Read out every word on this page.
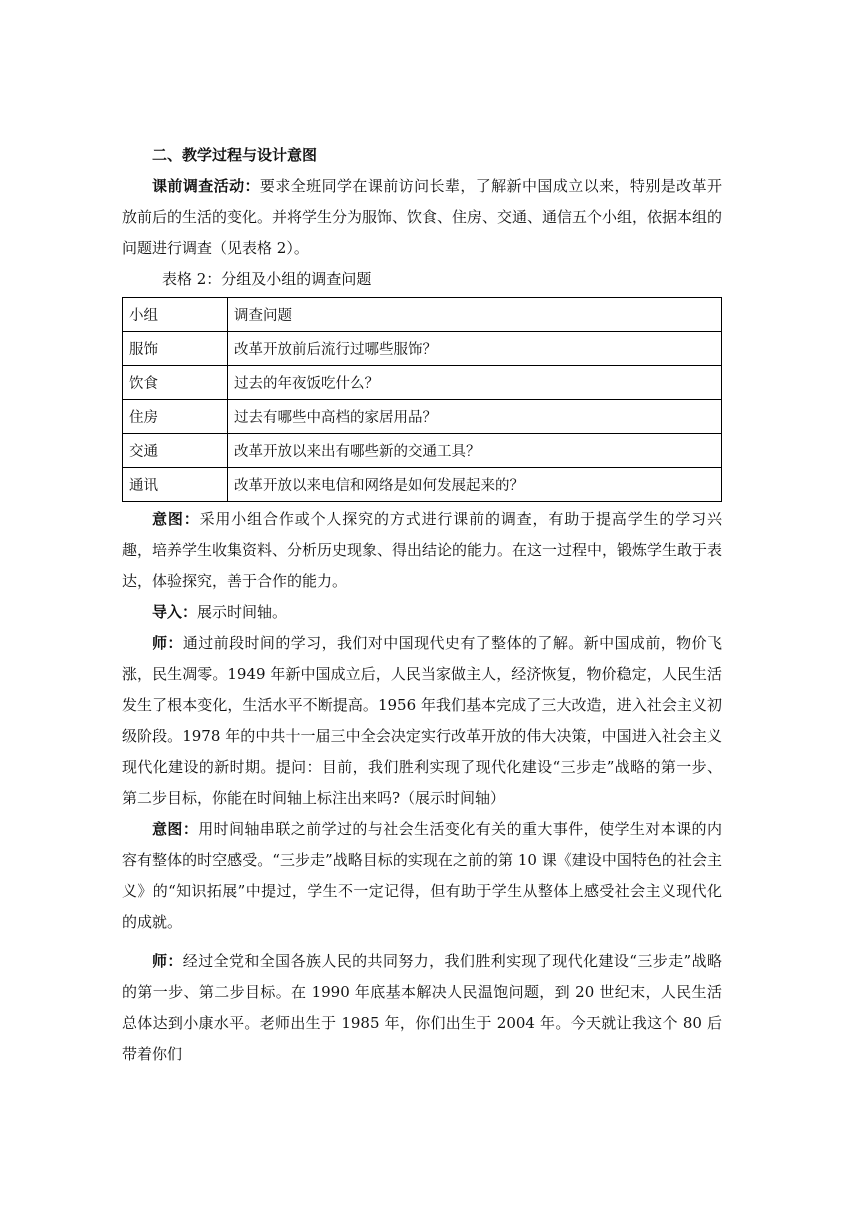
二、教学过程与设计意图

课前调查活动：要求全班同学在课前访问长辈，了解新中国成立以来，特别是改革开放前后的生活的变化。并将学生分为服饰、饮食、住房、交通、通信五个小组，依据本组的问题进行调查（见表格 2）。

表格 2：分组及小组的调查问题

小组	调查问题
服饰	改革开放前后流行过哪些服饰？
饮食	过去的年夜饭吃什么？
住房	过去有哪些中高档的家居用品？
交通	改革开放以来出有哪些新的交通工具？
通讯	改革开放以来电信和网络是如何发展起来的？

意图：采用小组合作或个人探究的方式进行课前的调查，有助于提高学生的学习兴趣，培养学生收集资料、分析历史现象、得出结论的能力。在这一过程中，锻炼学生敢于表达，体验探究，善于合作的能力。

导入：展示时间轴。

师：通过前段时间的学习，我们对中国现代史有了整体的了解。新中国成前，物价飞涨，民生凋零。1949 年新中国成立后，人民当家做主人，经济恢复，物价稳定，人民生活发生了根本变化，生活水平不断提高。1956 年我们基本完成了三大改造，进入社会主义初级阶段。1978 年的中共十一届三中全会决定实行改革开放的伟大决策，中国进入社会主义现代化建设的新时期。提问：目前，我们胜利实现了现代化建设“三步走”战略的第一步、第二步目标，你能在时间轴上标注出来吗?（展示时间轴）

意图：用时间轴串联之前学过的与社会生活变化有关的重大事件，使学生对本课的内容有整体的时空感受。“三步走”战略目标的实现在之前的第 10 课《建设中国特色的社会主义》的“知识拓展”中提过，学生不一定记得，但有助于学生从整体上感受社会主义现代化的成就。

师：经过全党和全国各族人民的共同努力，我们胜利实现了现代化建设“三步走”战略的第一步、第二步目标。在 1990 年底基本解决人民温饱问题，到 20 世纪末，人民生活总体达到小康水平。老师出生于 1985 年，你们出生于 2004 年。今天就让我这个 80 后带着你们
